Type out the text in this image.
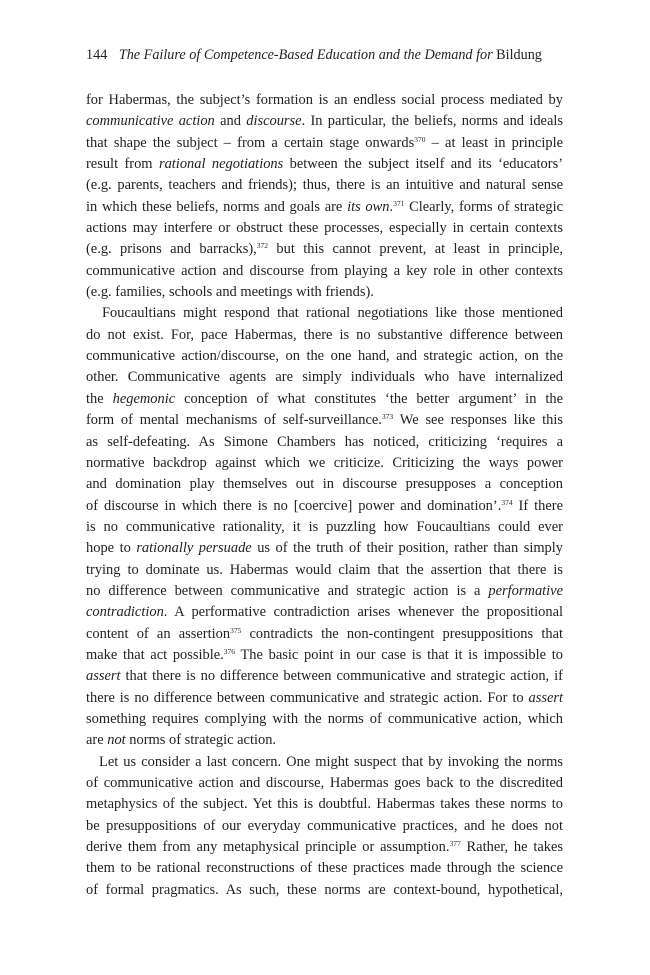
144 The Failure of Competence-Based Education and the Demand for Bildung
for Habermas, the subject’s formation is an endless social process mediated by
communicative action and discourse. In particular, the beliefs, norms and ideals
that shape the subject – from a certain stage onwards$^{370}$ – at least in principle
result from rational negotiations between the subject itself and its ‘educators’
(e.g. parents, teachers and friends); thus, there is an intuitive and natural sense
in which these beliefs, norms and goals are its own.$^{371}$ Clearly, forms of strategic
actions may interfere or obstruct these processes, especially in certain contexts
(e.g. prisons and barracks),$^{372}$ but this cannot prevent, at least in principle,
communicative action and discourse from playing a key role in other contexts
(e.g. families, schools and meetings with friends).
Foucaultians might respond that rational negotiations like those mentioned
do not exist. For, pace Habermas, there is no substantive difference between
communicative action/discourse, on the one hand, and strategic action, on the
other. Communicative agents are simply individuals who have internalized
the hegemonic conception of what constitutes ‘the better argument’ in the
form of mental mechanisms of self-surveillance.$^{373}$ We see responses like this
as self-defeating. As Simone Chambers has noticed, criticizing ‘requires a
normative backdrop against which we criticize. Criticizing the ways power
and domination play themselves out in discourse presupposes a conception
of discourse in which there is no [coercive] power and domination’.$^{374}$ If there
is no communicative rationality, it is puzzling how Foucaultians could ever
hope to rationally persuade us of the truth of their position, rather than simply
trying to dominate us. Habermas would claim that the assertion that there is
no difference between communicative and strategic action is a performative
contradiction. A performative contradiction arises whenever the propositional
content of an assertion$^{375}$ contradicts the non-contingent presuppositions that
make that act possible.$^{376}$ The basic point in our case is that it is impossible to
assert that there is no difference between communicative and strategic action, if
there is no difference between communicative and strategic action. For to assert
something requires complying with the norms of communicative action, which
are not norms of strategic action.
Let us consider a last concern. One might suspect that by invoking the norms
of communicative action and discourse, Habermas goes back to the discredited
metaphysics of the subject. Yet this is doubtful. Habermas takes these norms to
be presuppositions of our everyday communicative practices, and he does not
derive them from any metaphysical principle or assumption.$^{377}$ Rather, he takes
them to be rational reconstructions of these practices made through the science
of formal pragmatics. As such, these norms are context-bound, hypothetical,
